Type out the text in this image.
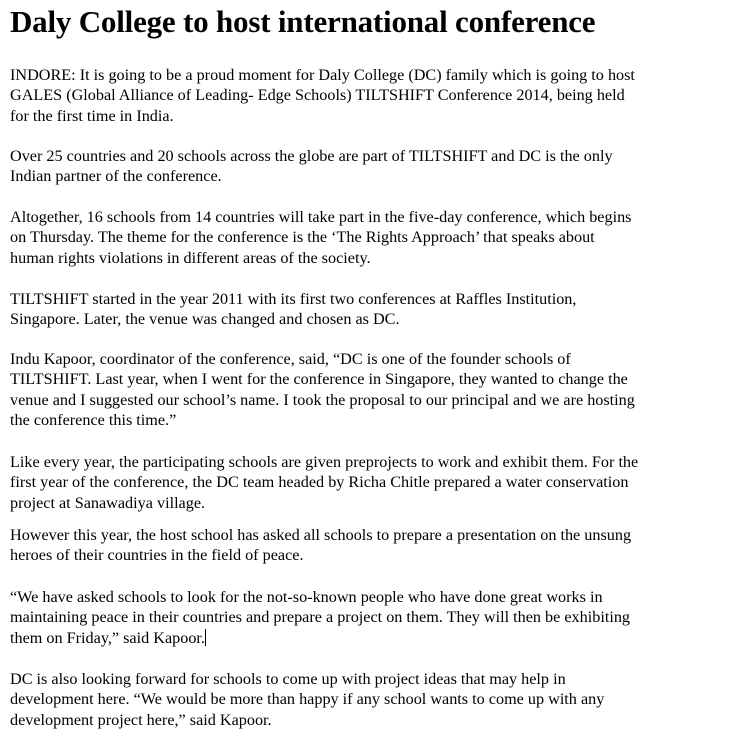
Daly College to host international conference

INDORE: It is going to be a proud moment for Daly College (DC) family which is going to host
GALES (Global Alliance of Leading- Edge Schools) TILTSHIFT Conference 2014, being held
for the first time in India.

Over 25 countries and 20 schools across the globe are part of TILTSHIFT and DC is the only
Indian partner of the conference.

Altogether, 16 schools from 14 countries will take part in the five-day conference, which begins
on Thursday. The theme for the conference is the ‘The Rights Approach’ that speaks about
human rights violations in different areas of the society.

TILTSHIFT started in the year 2011 with its first two conferences at Raffles Institution,
Singapore. Later, the venue was changed and chosen as DC.

Indu Kapoor, coordinator of the conference, said, “DC is one of the founder schools of
TILTSHIFT. Last year, when I went for the conference in Singapore, they wanted to change the
venue and I suggested our school’s name. I took the proposal to our principal and we are hosting
the conference this time.”

Like every year, the participating schools are given preprojects to work and exhibit them. For the
first year of the conference, the DC team headed by Richa Chitle prepared a water conservation
project at Sanawadiya village.

However this year, the host school has asked all schools to prepare a presentation on the unsung
heroes of their countries in the field of peace.

“We have asked schools to look for the not-so-known people who have done great works in
maintaining peace in their countries and prepare a project on them. They will then be exhibiting
them on Friday,” said Kapoor.

DC is also looking forward for schools to come up with project ideas that may help in
development here. “We would be more than happy if any school wants to come up with any
development project here,” said Kapoor.
